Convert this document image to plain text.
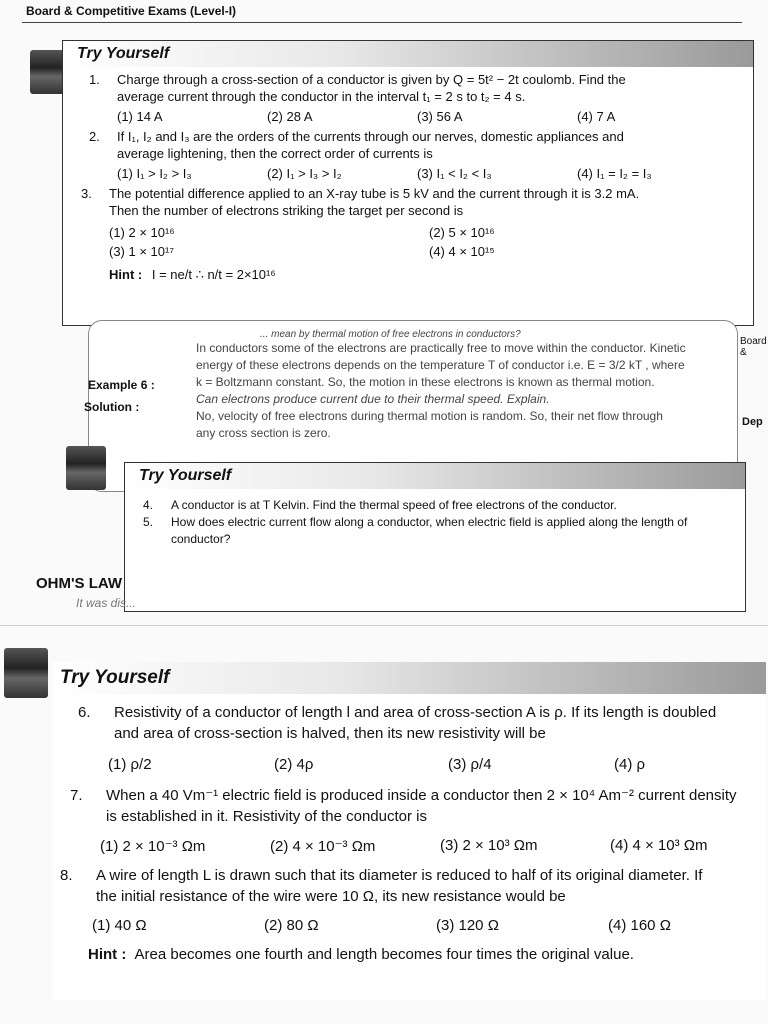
Board & Competitive Exams (Level-I)
Try Yourself
1. Charge through a cross-section of a conductor is given by Q = 5t² − 2t coulomb. Find the
average current through the conductor in the interval t₁ = 2 s to t₂ = 4 s.
(1) 14 A	(2) 28 A	(3) 56 A	(4) 7 A
2. If I₁, I₂ and I₃ are the orders of the currents through our nerves, domestic appliances and
average lightening, then the correct order of currents is
(1) I₁ > I₂ > I₃	(2) I₁ > I₃ > I₂	(3) I₁ < I₂ < I₃	(4) I₁ = I₂ = I₃
3. The potential difference applied to an X-ray tube is 5 kV and the current through it is 3.2 mA.
Then the number of electrons striking the target per second is
(1) 2 × 10¹⁶	(2) 5 × 10¹⁶
(3) 1 × 10¹⁷	(4) 4 × 10¹⁵
Hint : I = ne/t ∴ n/t = 2×10¹⁶
... mean by thermal motion of free electrons in conductors?
Example 6 :
Solution :
In conductors some of the electrons are practically free to move within the conductor. Kinetic
energy of these electrons depends on the temperature T of conductor i.e. E = 3/2 kT , where
k = Boltzmann constant. So, the motion in these electrons is known as thermal motion.
Can electrons produce current due to their thermal speed. Explain.
No, velocity of free electrons during thermal motion is random. So, their net flow through
any cross section is zero.
Board &
Dep
Try Yourself
4. A conductor is at T Kelvin. Find the thermal speed of free electrons of the conductor.
5.	How does electric current flow along a conductor, when electric field is applied along the length of conductor?
OHM'S LAW
It was dis...
Try Yourself
6. Resistivity of a conductor of length l and area of cross-section A is ρ. If its length is doubled
and area of cross-section is halved, then its new resistivity will be
(1) ρ/2	(2) 4ρ	(3) ρ/4	(4) ρ
7. When a 40 Vm⁻¹ electric field is produced inside a conductor then 2 × 10⁴ Am⁻² current density
is established in it. Resistivity of the conductor is
(1) 2 × 10⁻³ Ωm	(2) 4 × 10⁻³ Ωm	(3) 2 × 10³ Ωm	(4) 4 × 10³ Ωm
8. A wire of length L is drawn such that its diameter is reduced to half of its original diameter. If
the initial resistance of the wire were 10 Ω, its new resistance would be
(1) 40 Ω	(2) 80 Ω	(3) 120 Ω	(4) 160 Ω
Hint : Area becomes one fourth and length becomes four times the original value.
